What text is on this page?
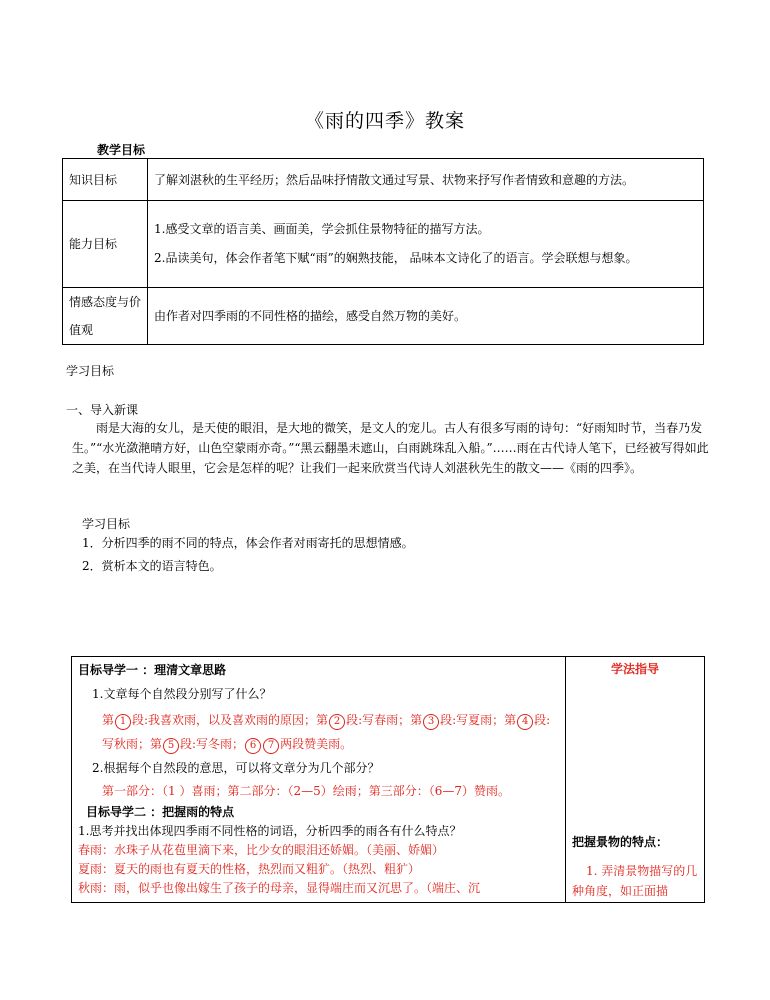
《雨的四季》教案
教学目标
知识目标	了解刘湛秋的生平经历；然后品味抒情散文通过写景、状物来抒写作者情致和意趣的方法。
能力目标	1.感受文章的语言美、画面美，学会抓住景物特征的描写方法。
2.品读美句，体会作者笔下赋“雨”的娴熟技能， 品味本文诗化了的语言。学会联想与想象。

情感态度与价值观	由作者对四季雨的不同性格的描绘，感受自然万物的美好。
学习目标
一、导入新课
雨是大海的女儿，是天使的眼泪，是大地的微笑，是文人的宠儿。古人有很多写雨的诗句：“好雨知时节，当春乃发生。”“水光潋滟晴方好，山色空蒙雨亦奇。”“黑云翻墨未遮山，白雨跳珠乱入船。”……雨在古代诗人笔下，已经被写得如此之美，在当代诗人眼里，它会是怎样的呢？让我们一起来欣赏当代诗人刘湛秋先生的散文——《雨的四季》。
学习目标
1．分析四季的雨不同的特点，体会作者对雨寄托的思想情感。
2．赏析本文的语言特色。
目标导学一 ：理清文章思路
1.文章每个自然段分别写了什么？
第 1 段:我喜欢雨，以及喜欢雨的原因；第 2 段:写春雨；第 3 段:写夏雨；第 4 段:写秋雨；第 5 段:写冬雨； 6 7 两段赞美雨。
2.根据每个自然段的意思，可以将文章分为几个部分？
第一部分：（1 ）喜雨；第二部分：（2—5）绘雨；第三部分：（6—7）赞雨。
目标导学二 ：把握雨的特点
1.思考并找出体现四季雨不同性格的词语，分析四季的雨各有什么特点？
春雨：水珠子从花苞里滴下来，比少女的眼泪还娇媚。（美丽、娇媚）
夏雨：夏天的雨也有夏天的性格，热烈而又粗犷。（热烈、粗犷）
秋雨：雨，似乎也像出嫁生了孩子的母亲，显得端庄而又沉思了。（端庄、沉

学法指导
把握景物的特点：
1. 弄清景物描写的几种角度，如正面描
